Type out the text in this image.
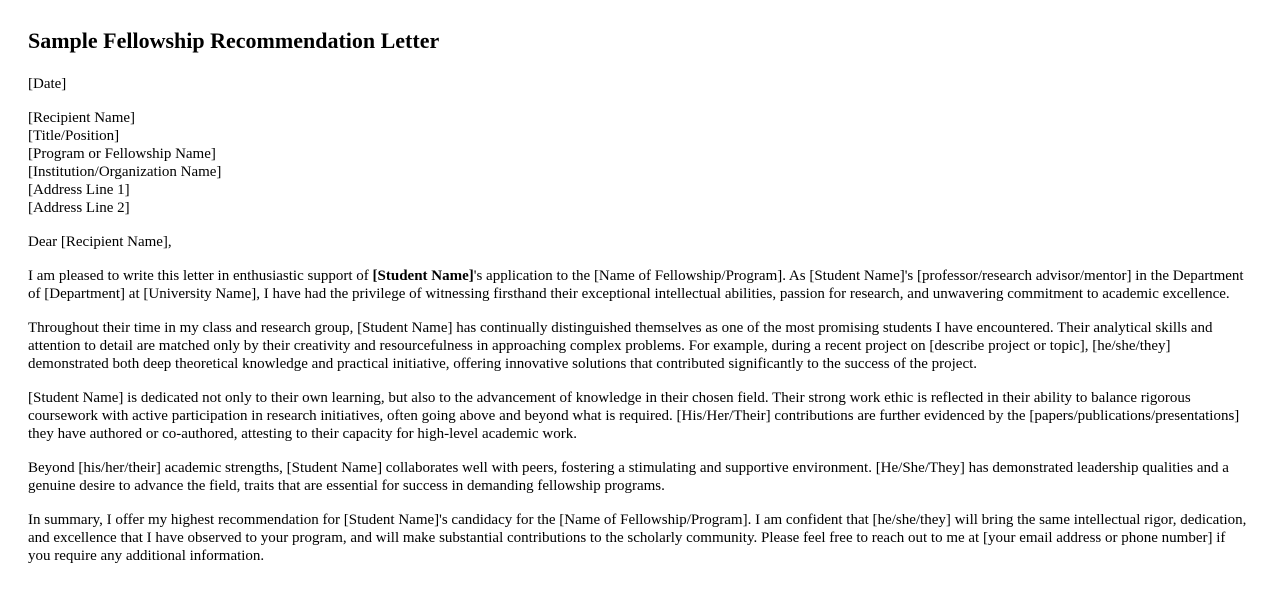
Sample Fellowship Recommendation Letter

[Date]

[Recipient Name]
[Title/Position]
[Program or Fellowship Name]
[Institution/Organization Name]
[Address Line 1]
[Address Line 2]

Dear [Recipient Name],

I am pleased to write this letter in enthusiastic support of [Student Name]'s application to the [Name of Fellowship/Program]. As [Student Name]'s [professor/research advisor/mentor] in the Department of [Department] at [University Name], I have had the privilege of witnessing firsthand their exceptional intellectual abilities, passion for research, and unwavering commitment to academic excellence.

Throughout their time in my class and research group, [Student Name] has continually distinguished themselves as one of the most promising students I have encountered. Their analytical skills and attention to detail are matched only by their creativity and resourcefulness in approaching complex problems. For example, during a recent project on [describe project or topic], [he/she/they] demonstrated both deep theoretical knowledge and practical initiative, offering innovative solutions that contributed significantly to the success of the project.

[Student Name] is dedicated not only to their own learning, but also to the advancement of knowledge in their chosen field. Their strong work ethic is reflected in their ability to balance rigorous coursework with active participation in research initiatives, often going above and beyond what is required. [His/Her/Their] contributions are further evidenced by the [papers/publications/presentations] they have authored or co-authored, attesting to their capacity for high-level academic work.

Beyond [his/her/their] academic strengths, [Student Name] collaborates well with peers, fostering a stimulating and supportive environment. [He/She/They] has demonstrated leadership qualities and a genuine desire to advance the field, traits that are essential for success in demanding fellowship programs.

In summary, I offer my highest recommendation for [Student Name]'s candidacy for the [Name of Fellowship/Program]. I am confident that [he/she/they] will bring the same intellectual rigor, dedication, and excellence that I have observed to your program, and will make substantial contributions to the scholarly community. Please feel free to reach out to me at [your email address or phone number] if you require any additional information.
